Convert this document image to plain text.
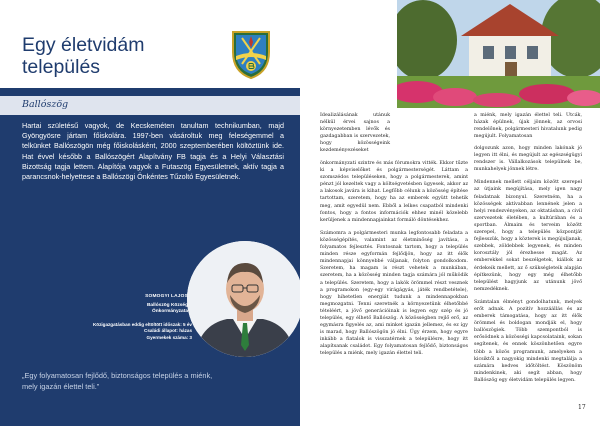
Egy életvidám
település
Ballószög

Hartai születésű vagyok, de Kecskeméten tanultam technikumban, majd Gyöngyösre jártam főiskolára. 1997-ben vásároltuk meg feleségemmel a telkünket Ballószögön még főiskolásként, 2000 szeptemberében költöztünk ide. Hat évvel később a Ballószögért Alapítvány FB tagja és a Helyi Választási Bizottság tagja lettem. Alapítója vagyok a Futaszög Egyesületnek, aktív tagja a parancsnok-helyettese a Ballószögi Önkéntes Tűzoltó Egyesületnek.

SOMOGYI LAJOS

Ballószög Község
Önkormányzata

Közigazgatásban eddig eltöltött időszak: 5 év
Családi állapot: házas
Gyermekek száma: 3

„Egy folyamatosan fejlődő, biztonságos település a miénk, mely igazán élettel teli.”

Idealizálásának utánuk nélkül érvei sajnos a környezetemben lévők és gazdagabban is szervezetek, hogy közösségeink kezdeményezéseket

önkormányzati szintre és más fórumokra vitték. Ekkor tűzte ki a képviselőket és polgármesterségét. Láttam a szomszédos településeken, hogy a polgármesterek, amint pénzt jól kezeltek vagy a költségvetésben ügyesek, akkor az a lakosok javára is kihat. Legfőbb célunk a közösség építése tartottam, szeretem, hogy ha az emberek együtt tehetik meg, amit egyedül nem. Ebből a lelkes csapatból mindenki fontos, hogy a fontos információk ehhez minél közelebb kerüljenek a mindennapjainkat formáló döntésekhez.

Számomra a polgármesteri munka legfontosabb feladata a közösségépítés, valamint az életminőség javítása, a folyamatos fejlesztés. Fontosnak tartom, hogy a település minden része egyformán fejlődjön, hogy az itt élők mindennapjai könnyebbé váljanak, folyton gondolkodom. Szeretem, ha magam is részt vehetek a munkában, szeretem, ha a közösség minden tagja számára jól működik a település. Szeretem, hogy a lakók örömmel részt vesznek a programokon (egy-egy virágágyás, játék rendbetétele), hogy hihetetlen energiát tudunk a mindennapokban megmozgatni. Tenni szeretnék a környezetünk élhetőbbé tételéért, a jövő generációinak is legyen egy szép és jó település, egy élhető Ballószög. A közösségben rejlő erő, az egymásra figyelés az, ami minket igazán jellemez, és ez így is marad, hogy Ballószögön jó élni. Úgy érzem, hogy egyre inkább a fiatalok is visszatérnek a településre, hogy itt alapítsanak családot. Egy folyamatosan fejlődő, biztonságos település a miénk, mely igazán élettel teli.

a miénk, mely igazán élettel teli. Utcák, házak épülnek, újak jönnek, az orvosi rendelőnek, polgármesteri hivatalunk pedig megújult. Folyamatosan

dolgozunk azon, hogy minden lakónak jó legyen itt élni, és megújult az egészségügyi rendszer is. Vállalkozások települnek be, munkahelyek jönnek létre.

Mindennek mellett céljaim között szerepel az útjaink megújítása, mely igen nagy feladatnak bizonyul. Szeretném, ha a közösségek aktívabban lennének jelen a helyi rendezvényeken, az oktatásban, a civil szervezetek életében, a kultúrában és a sportban. Álmaim és terveim között szerepel, hogy a település központját fejlesszük, hogy a közterek is megújuljanak, szebbek, zöldebbek legyenek, és minden korosztály jól érezhesse magát. Az emberekkel sokat beszélgetek, kiállok az érdekeik mellett, az ő szükségleteik alapján építkezünk, hogy egy még élhetőbb települést hagyjunk az utánunk jövő nemzedéknek.

Számtalan élményt gondolhatunk, melyek erőt adnak. A pozitív hozzáállás és az emberek támogatása, hogy az itt élők örömmel és boldogan mondják el, hogy ballószögiek. Több szempontból is erősödnek a közösségi kapcsolataink, sokan segítenek, és ennek köszönhetően egyre több a közös programunk, amelyeken a kicsiktől a nagyokig mindenki megtalálja a számára kedves időtöltést. Köszönöm mindenkinek, aki segít abban, hogy Ballószög egy életvidám település legyen.

17
